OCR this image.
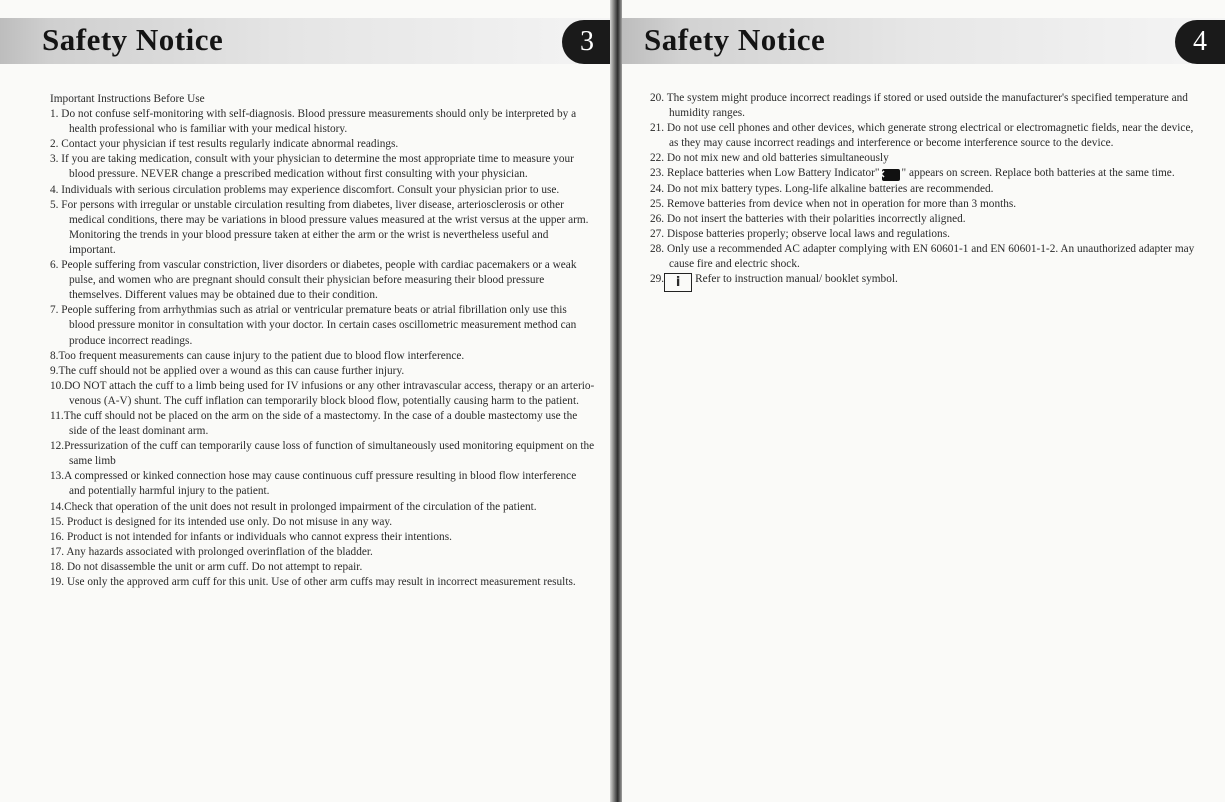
Safety Notice	3

Important Instructions Before Use

1. Do not confuse self-monitoring with self-diagnosis. Blood pressure measurements should only be interpreted by a health professional who is familiar with your medical history.

2. Contact your physician if test results regularly indicate abnormal readings.

3. If you are taking medication, consult with your physician to determine the most appropriate time to measure your blood pressure. NEVER change a prescribed medication without first consulting with your physician.

4. Individuals with serious circulation problems may experience discomfort. Consult your physician prior to use.

5. For persons with irregular or unstable circulation resulting from diabetes, liver disease, arteriosclerosis or other medical conditions, there may be variations in blood pressure values measured at the wrist versus at the upper arm. Monitoring the trends in your blood pressure taken at either the arm or the wrist is nevertheless useful and important.

6. People suffering from vascular constriction, liver disorders or diabetes, people with cardiac pacemakers or a weak pulse, and women who are pregnant should consult their physician before measuring their blood pressure themselves. Different values may be obtained due to their condition.

7. People suffering from arrhythmias such as atrial or ventricular premature beats or atrial fibrillation only use this blood pressure monitor in consultation with your doctor. In certain cases oscillometric measurement method can produce incorrect readings.

8.Too frequent measurements can cause injury to the patient due to blood flow interference.

9.The cuff should not be applied over a wound as this can cause further injury.

10.DO NOT attach the cuff to a limb being used for IV infusions or any other intravascular access, therapy or an arterio-venous (A-V) shunt. The cuff inflation can temporarily block blood flow, potentially causing harm to the patient.

11.The cuff should not be placed on the arm on the side of a mastectomy. In the case of a double mastectomy use the side of the least dominant arm.

12.Pressurization of the cuff can temporarily cause loss of function of simultaneously used monitoring equipment on the same limb

13.A compressed or kinked connection hose may cause continuous cuff pressure resulting in blood flow interference and potentially harmful injury to the patient.

14.Check that operation of the unit does not result in prolonged impairment of the circulation of the patient.

15. Product is designed for its intended use only. Do not misuse in any way.

16. Product is not intended for infants or individuals who cannot express their intentions.

17. Any hazards associated with prolonged overinflation of the bladder.

18. Do not disassemble the unit or arm cuff. Do not attempt to repair.

19. Use only the approved arm cuff for this unit. Use of other arm cuffs may result in incorrect measurement results.

Safety Notice	4

20. The system might produce incorrect readings if stored or used outside the manufacturer's specified temperature and humidity ranges.

21. Do not use cell phones and other devices, which generate strong electrical or electromagnetic fields, near the device, as they may cause incorrect readings and interference or become interference source to the device.

22. Do not mix new and old batteries simultaneously

23. Replace batteries when Low Battery Indicator"✕ " appears on screen. Replace both batteries at the same time.

24. Do not mix battery types. Long-life alkaline batteries are recommended.

25. Remove batteries from device when not in operation for more than 3 months.

26. Do not insert the batteries with their polarities incorrectly aligned.

27. Dispose batteries properly; observe local laws and regulations.

28. Only use a recommended AC adapter complying with EN 60601-1 and EN 60601-1-2. An unauthorized adapter may cause fire and electric shock.

29. i Refer to instruction manual/ booklet symbol.
